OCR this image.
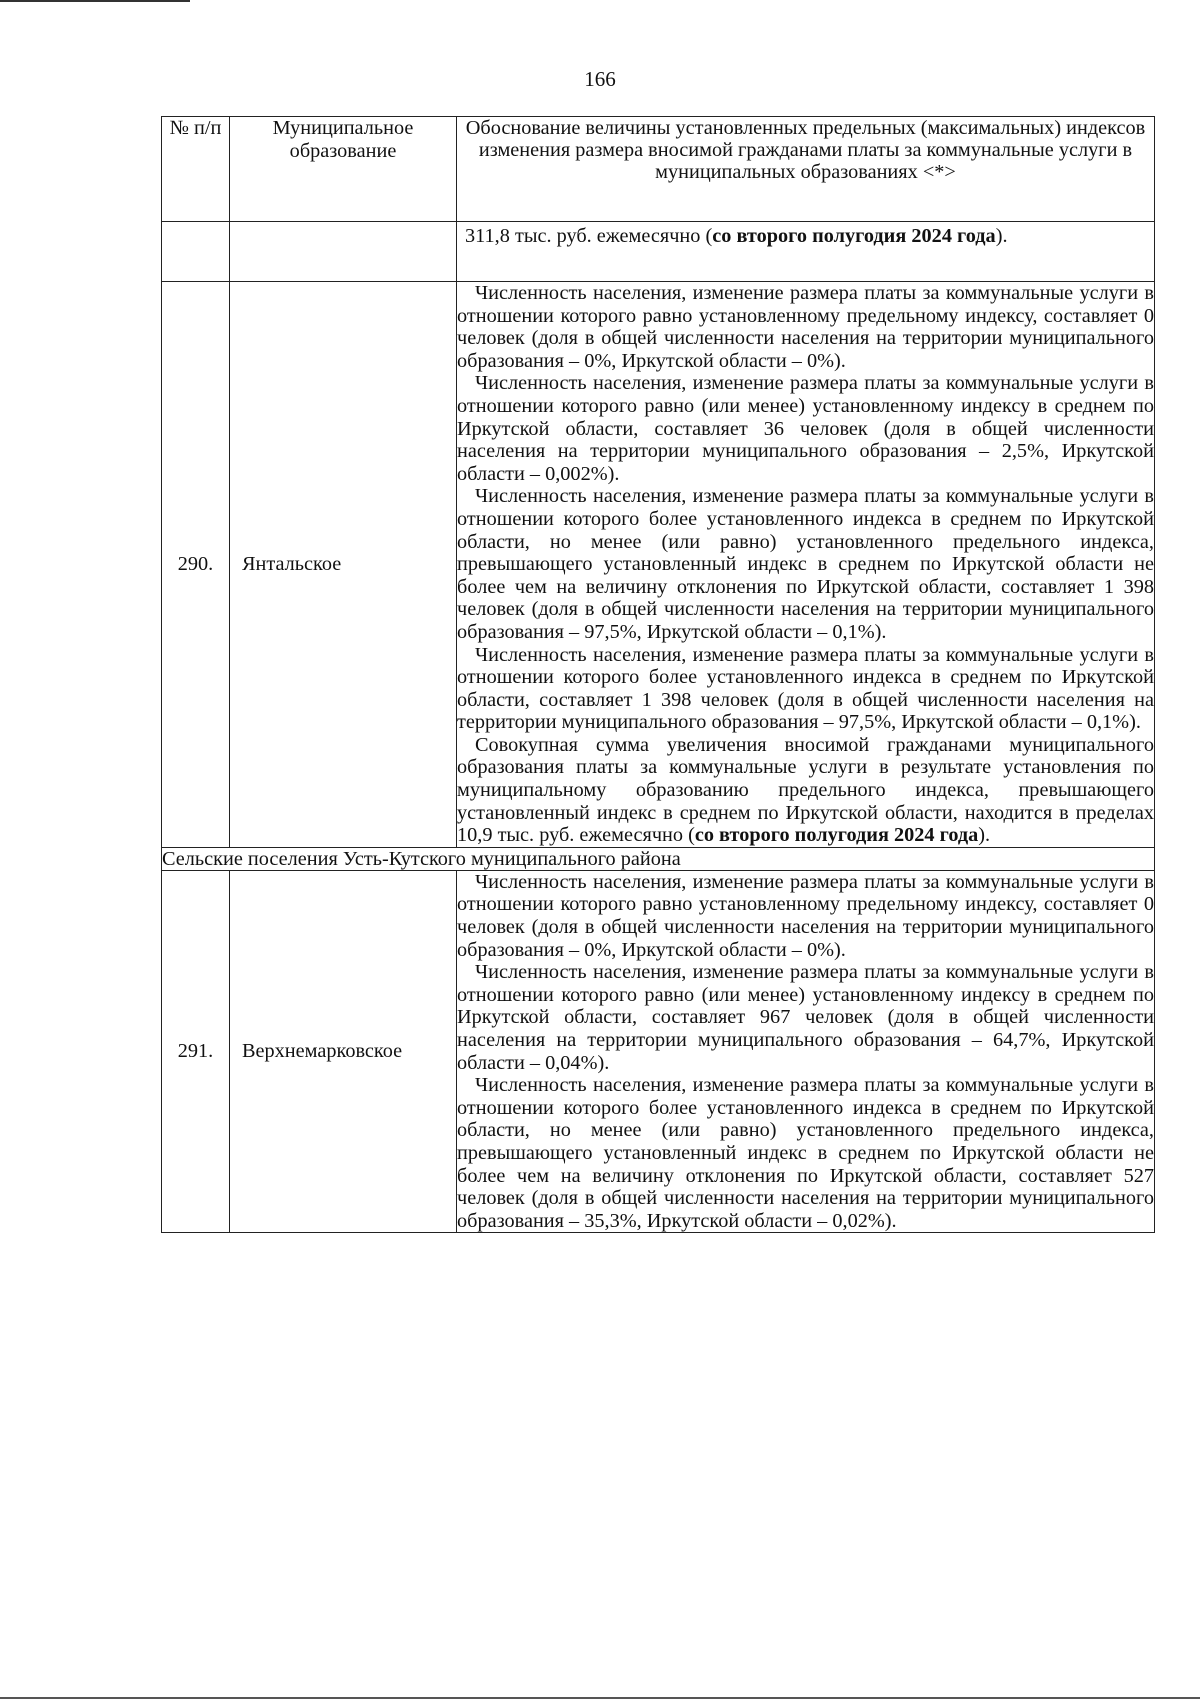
166
№ п/п	Муниципальное образование	Обоснование величины установленных предельных (максимальных) индексов изменения размера вносимой гражданами платы за коммунальные услуги в муниципальных образованиях <*>
		311,8 тыс. руб. ежемесячно (со второго полугодия 2024 года).
290.	Янтальское	Численность населения, изменение размера платы за коммунальные услуги в отношении которого равно установленному предельному индексу, составляет 0 человек (доля в общей численности населения на территории муниципального образования – 0%, Иркутской области – 0%).
Численность населения, изменение размера платы за коммунальные услуги в отношении которого равно (или менее) установленному индексу в среднем по Иркутской области, составляет 36 человек (доля в общей численности населения на территории муниципального образования – 2,5%, Иркутской области – 0,002%).
Численность населения, изменение размера платы за коммунальные услуги в отношении которого более установленного индекса в среднем по Иркутской области, но менее (или равно) установленного предельного индекса, превышающего установленный индекс в среднем по Иркутской области не более чем на величину отклонения по Иркутской области, составляет 1 398 человек (доля в общей численности населения на территории муниципального образования – 97,5%, Иркутской области – 0,1%).
Численность населения, изменение размера платы за коммунальные услуги в отношении которого более установленного индекса в среднем по Иркутской области, составляет 1 398 человек (доля в общей численности населения на территории муниципального образования – 97,5%, Иркутской области – 0,1%).
Совокупная сумма увеличения вносимой гражданами муниципального образования платы за коммунальные услуги в результате установления по муниципальному образованию предельного индекса, превышающего установленный индекс в среднем по Иркутской области, находится в пределах 10,9 тыс. руб. ежемесячно (со второго полугодия 2024 года).

Сельские поселения Усть-Кутского муниципального района		
291.	Верхнемарковское	Численность населения, изменение размера платы за коммунальные услуги в отношении которого равно установленному предельному индексу, составляет 0 человек (доля в общей численности населения на территории муниципального образования – 0%, Иркутской области – 0%).
Численность населения, изменение размера платы за коммунальные услуги в отношении которого равно (или менее) установленному индексу в среднем по Иркутской области, составляет 967 человек (доля в общей численности населения на территории муниципального образования – 64,7%, Иркутской области – 0,04%).
Численность населения, изменение размера платы за коммунальные услуги в отношении которого более установленного индекса в среднем по Иркутской области, но менее (или равно) установленного предельного индекса, превышающего установленный индекс в среднем по Иркутской области не более чем на величину отклонения по Иркутской области, составляет 527 человек (доля в общей численности населения на территории муниципального образования – 35,3%, Иркутской области – 0,02%).
